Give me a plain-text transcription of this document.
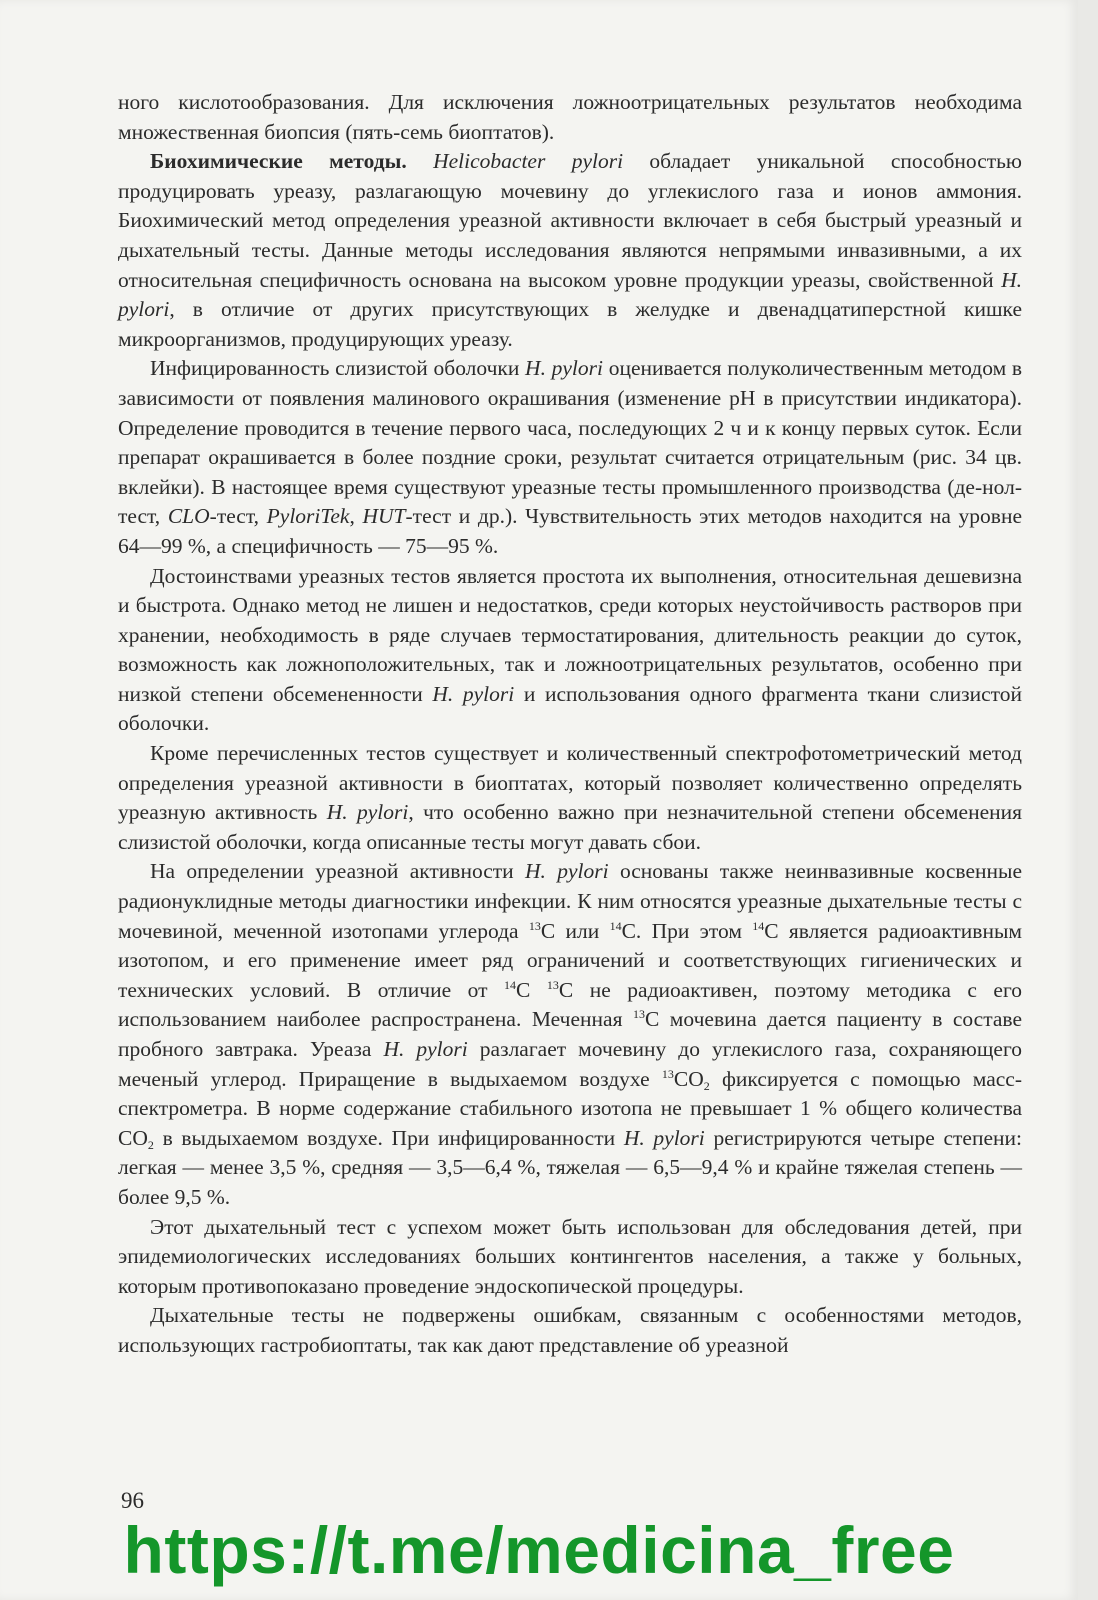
ного кислотообразования. Для исключения ложноотрицательных результатов необходима множественная биопсия (пять-семь биоптатов).

Биохимические методы. Helicobacter pylori обладает уникальной способностью продуцировать уреазу, разлагающую мочевину до углекислого газа и ионов аммония. Биохимический метод определения уреазной активности включает в себя быстрый уреазный и дыхательный тесты. Данные методы исследования являются непрямыми инвазивными, а их относительная специфичность основана на высоком уровне продукции уреазы, свойственной H. pylori, в отличие от других присутствующих в желудке и двенадцатиперстной кишке микроорганизмов, продуцирующих уреазу.

Инфицированность слизистой оболочки H. pylori оценивается полуколичественным методом в зависимости от появления малинового окрашивания (изменение pH в присутствии индикатора). Определение проводится в течение первого часа, последующих 2 ч и к концу первых суток. Если препарат окрашивается в более поздние сроки, результат считается отрицательным (рис. 34 цв. вклейки). В настоящее время существуют уреазные тесты промышленного производства (де-нол-тест, CLO-тест, PyloriTek, HUT-тест и др.). Чувствительность этих методов находится на уровне 64—99 %, а специфичность — 75—95 %.

Достоинствами уреазных тестов является простота их выполнения, относительная дешевизна и быстрота. Однако метод не лишен и недостатков, среди которых неустойчивость растворов при хранении, необходимость в ряде случаев термостатирования, длительность реакции до суток, возможность как ложноположительных, так и ложноотрицательных результатов, особенно при низкой степени обсемененности H. pylori и использования одного фрагмента ткани слизистой оболочки.

Кроме перечисленных тестов существует и количественный спектрофотометрический метод определения уреазной активности в биоптатах, который позволяет количественно определять уреазную активность H. pylori, что особенно важно при незначительной степени обсеменения слизистой оболочки, когда описанные тесты могут давать сбои.

На определении уреазной активности H. pylori основаны также неинвазивные косвенные радионуклидные методы диагностики инфекции. К ним относятся уреазные дыхательные тесты с мочевиной, меченной изотопами углерода $^{13}$C или $^{14}$C. При этом $^{14}$C является радиоактивным изотопом, и его применение имеет ряд ограничений и соответствующих гигиенических и технических условий. В отличие от $^{14}$C $^{13}$C не радиоактивен, поэтому методика с его использованием наиболее распространена. Меченная $^{13}$C мочевина дается пациенту в составе пробного завтрака. Уреаза H. pylori разлагает мочевину до углекислого газа, сохраняющего меченый углерод. Приращение в выдыхаемом воздухе $^{13}CO_2$ фиксируется с помощью масс-спектрометра. В норме содержание стабильного изотопа не превышает 1 % общего количества $CO_2$ в выдыхаемом воздухе. При инфицированности H. pylori регистрируются четыре степени: легкая — менее 3,5 %, средняя — 3,5—6,4 %, тяжелая — 6,5—9,4 % и крайне тяжелая степень — более 9,5 %.

Этот дыхательный тест с успехом может быть использован для обследования детей, при эпидемиологических исследованиях больших контингентов населения, а также у больных, которым противопоказано проведение эндоскопической процедуры.

Дыхательные тесты не подвержены ошибкам, связанным с особенностями методов, использующих гастробиоптаты, так как дают представление об уреазной

96
https://t.me/medicina_free
